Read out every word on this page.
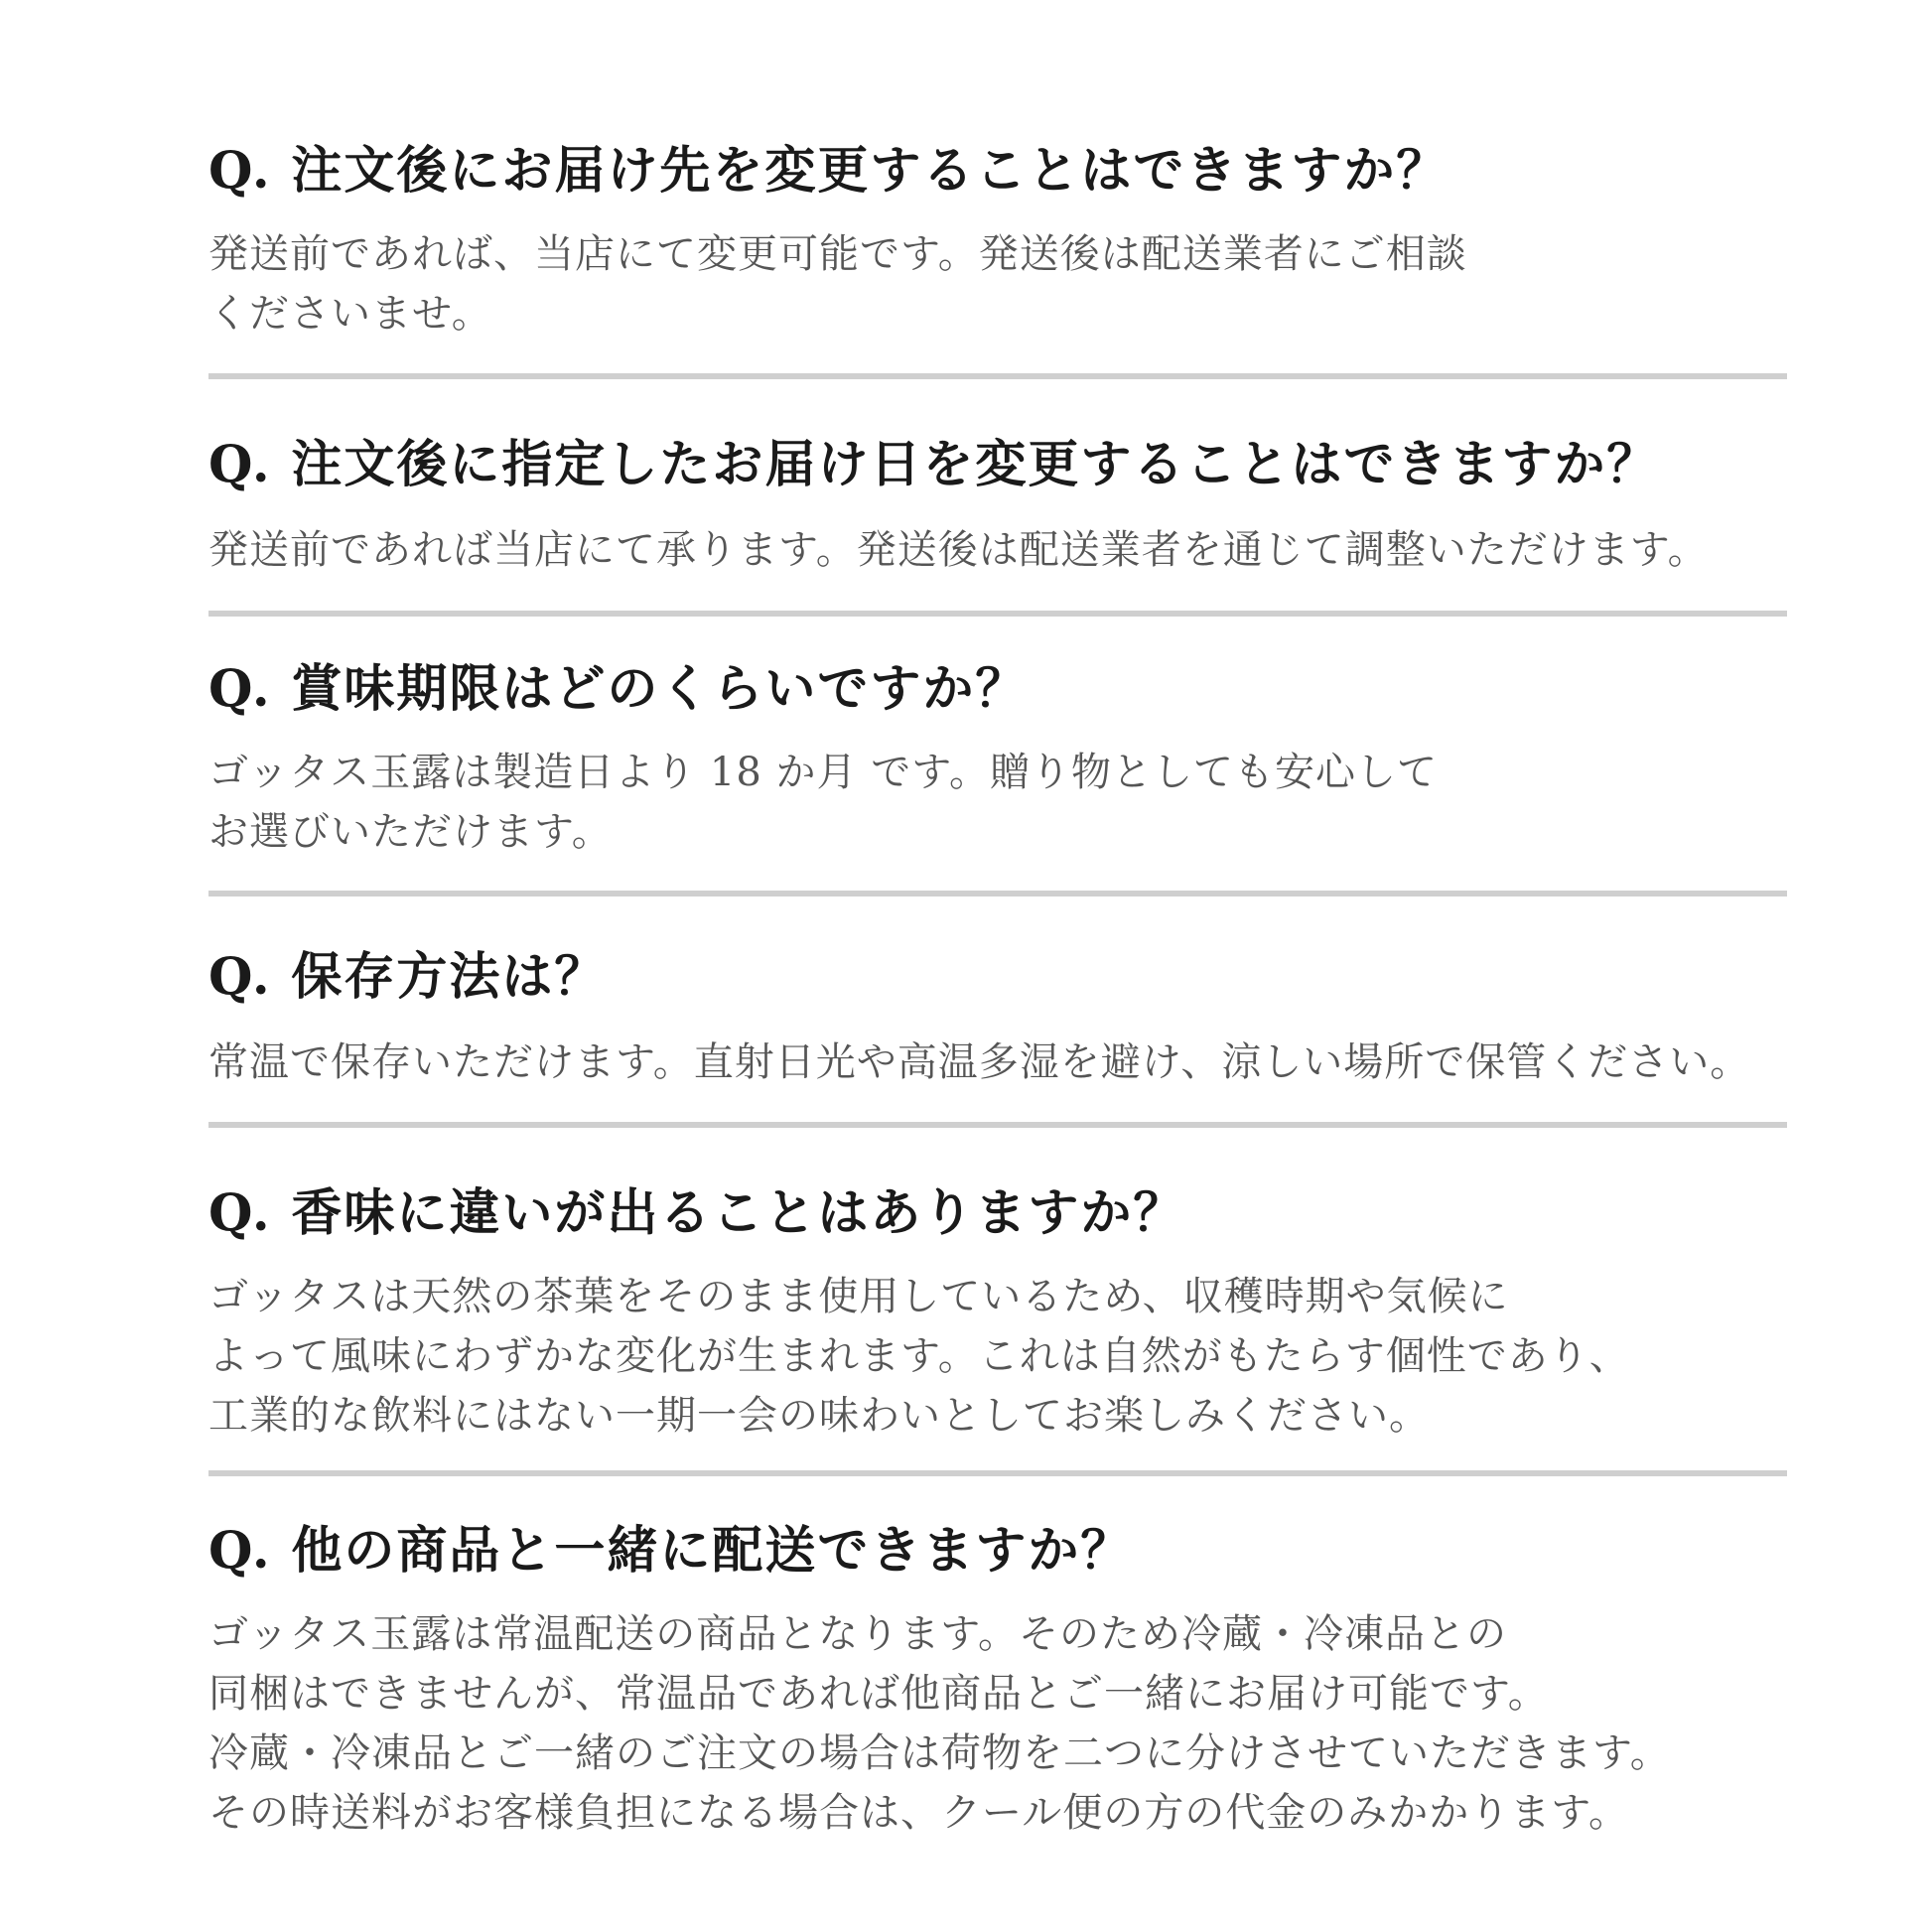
Q. 注文後にお届け先を変更することはできますか？

発送前であれば、当店にて変更可能です。発送後は配送業者にご相談
くださいませ。

Q. 注文後に指定したお届け日を変更することはできますか？

発送前であれば当店にて承ります。発送後は配送業者を通じて調整いただけます。

Q. 賞味期限はどのくらいですか？

ゴッタス玉露は製造日より 18 か月 です。贈り物としても安心して
お選びいただけます。

Q. 保存方法は？

常温で保存いただけます。直射日光や高温多湿を避け、涼しい場所で保管ください。

Q. 香味に違いが出ることはありますか？

ゴッタスは天然の茶葉をそのまま使用しているため、収穫時期や気候に
よって風味にわずかな変化が生まれます。これは自然がもたらす個性であり、
工業的な飲料にはない一期一会の味わいとしてお楽しみください。

Q. 他の商品と一緒に配送できますか？

ゴッタス玉露は常温配送の商品となります。そのため冷蔵・冷凍品との
同梱はできませんが、常温品であれば他商品とご一緒にお届け可能です。
冷蔵・冷凍品とご一緒のご注文の場合は荷物を二つに分けさせていただきます。
その時送料がお客様負担になる場合は、クール便の方の代金のみかかります。
